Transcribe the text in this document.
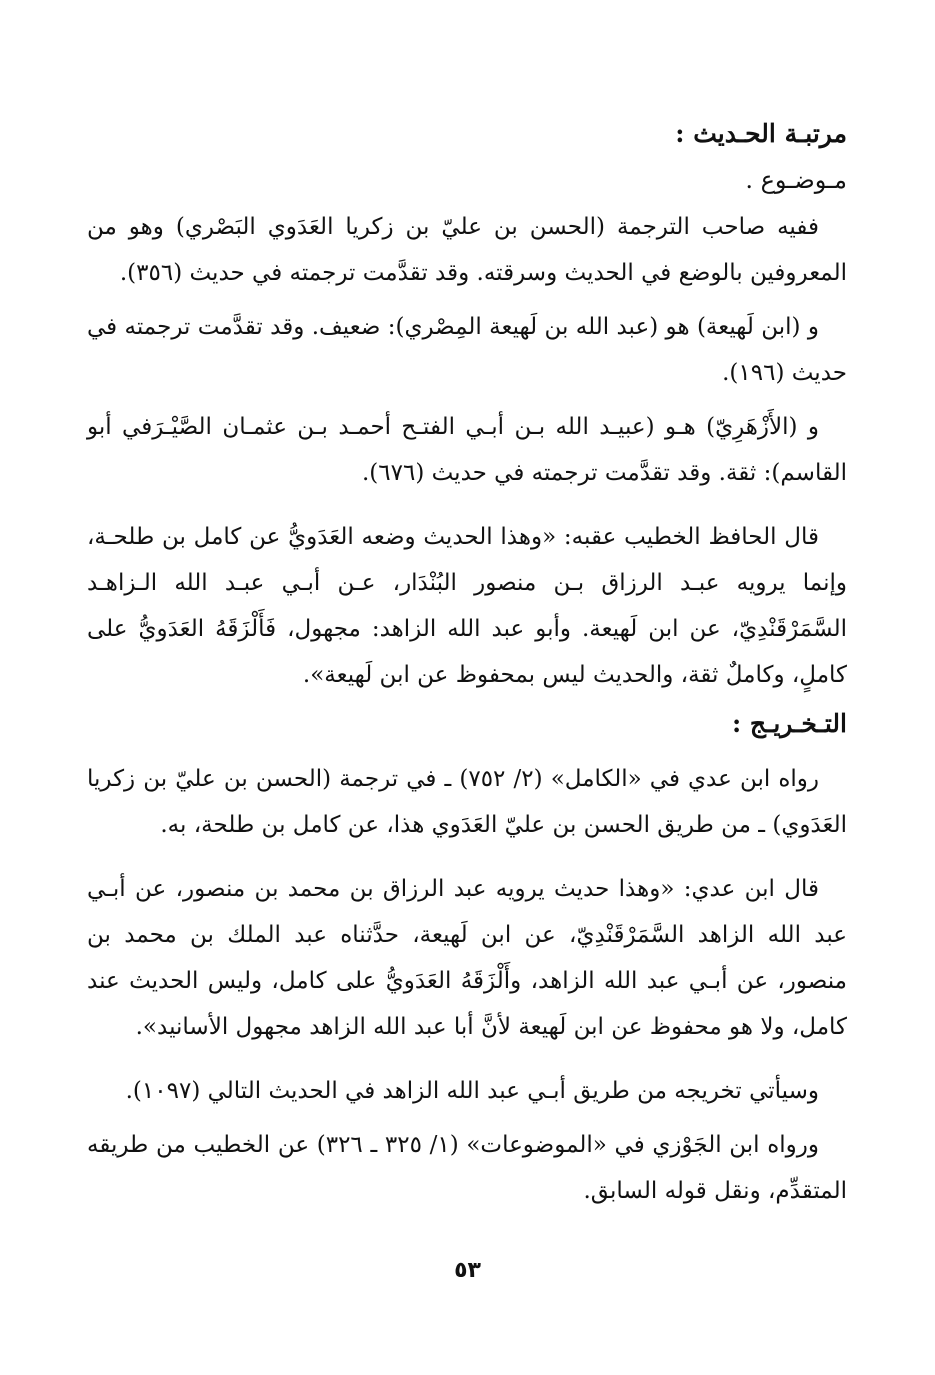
مرتبـة الحـديث :
مـوضـوع .

ففيه صاحب الترجمة (الحسن بن عليّ بن زكريا العَدَوي البَصْري) وهو من المعروفين بالوضع في الحديث وسرقته. وقد تقدَّمت ترجمته في حديث (٣٥٦).

و (ابن لَهيعة) هو (عبد الله بن لَهيعة المِصْري): ضعيف. وقد تقدَّمت ترجمته في حديث (١٩٦).

و (الأَزْهَرِيّ) هـو (عبيـد الله بـن أبـي الفتـح أحمـد بـن عثمـان الصَّيْـرَفي أبو القاسم): ثقة. وقد تقدَّمت ترجمته في حديث (٦٧٦).

قال الحافظ الخطيب عقبه: «وهذا الحديث وضعه العَدَويُّ عن كامل بن طلحـة، وإنما يرويه عبـد الرزاق بـن منصور البُنْدَار، عـن أبـي عبـد الله الـزاهـد السَّمَرْقَنْدِيّ، عن ابن لَهيعة. وأبو عبد الله الزاهد: مجهول، فَأَلْزَقَهُ العَدَويُّ على كاملٍ، وكاملٌ ثقة، والحديث ليس بمحفوظ عن ابن لَهيعة».

التـخـريـج :

رواه ابن عدي في «الكامل» (٢/ ٧٥٢) ـ في ترجمة (الحسن بن عليّ بن زكريا العَدَوي) ـ من طريق الحسن بن عليّ العَدَوي هذا، عن كامل بن طلحة، به.

قال ابن عدي: «وهذا حديث يرويه عبد الرزاق بن محمد بن منصور، عن أبـي عبد الله الزاهد السَّمَرْقَنْدِيّ، عن ابن لَهيعة، حدَّثناه عبد الملك بن محمد بن منصور، عن أبـي عبد الله الزاهد، وأَلْزَقَهُ العَدَويُّ على كامل، وليس الحديث عند كامل، ولا هو محفوظ عن ابن لَهيعة لأنَّ أبا عبد الله الزاهد مجهول الأسانيد».

وسيأتي تخريجه من طريق أبـي عبد الله الزاهد في الحديث التالي (١٠٩٧).

ورواه ابن الجَوْزي في «الموضوعات» (١/ ٣٢٥ ـ ٣٢٦) عن الخطيب من طريقه المتقدِّم، ونقل قوله السابق.

٥٣
